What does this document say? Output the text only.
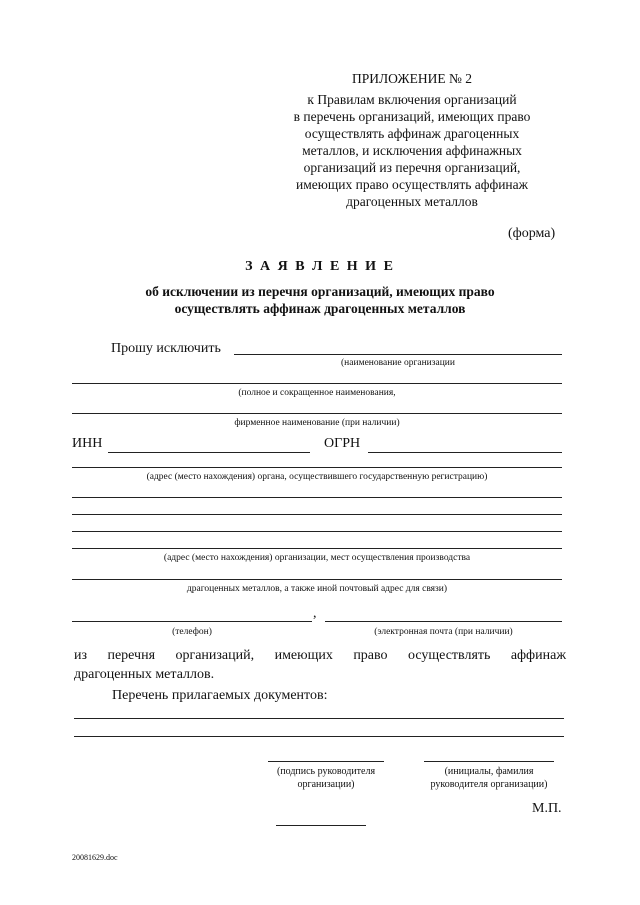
ПРИЛОЖЕНИЕ № 2
к Правилам включения организаций
в перечень организаций, имеющих право
осуществлять аффинаж драгоценных
металлов, и исключения аффинажных
организаций из перечня организаций,
имеющих право осуществлять аффинаж
драгоценных металлов
(форма)
З А Я В Л Е Н И Е
об исключении из перечня организаций, имеющих право
осуществлять аффинаж драгоценных металлов
Прошу исключить
(наименование организации
(полное и сокращенное наименования,
фирменное наименование (при наличии)
ИНН	ОГРН
(адрес (место нахождения) органа, осуществившего государственную регистрацию)
(адрес (место нахождения) организации, мест осуществления производства
драгоценных металлов, а также иной почтовый адрес для связи)
,
(телефон)	(электронная почта (при наличии)
из перечня организаций, имеющих право осуществлять аффинаж
драгоценных металлов.
Перечень прилагаемых документов:
(подпись руководителя
организации)
(инициалы, фамилия
руководителя организации)
М.П.
20081629.doc
